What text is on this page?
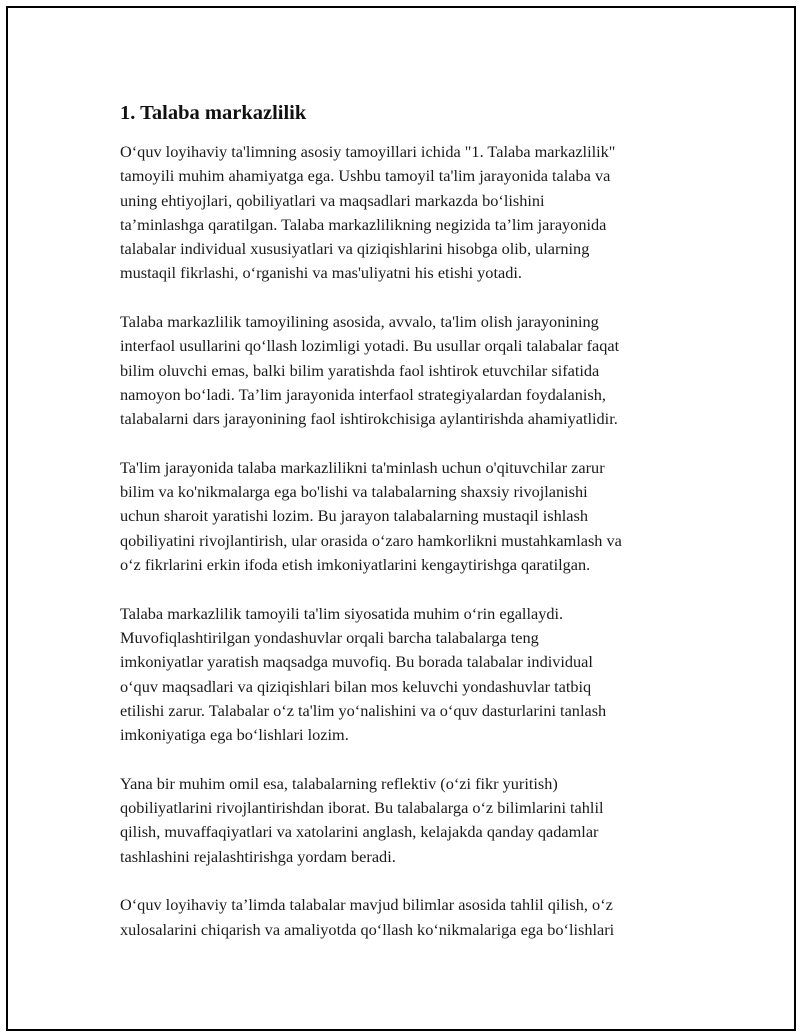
1. Talaba markazlilik

O‘quv loyihaviy ta'limning asosiy tamoyillari ichida "1. Talaba markazlilik"
tamoyili muhim ahamiyatga ega. Ushbu tamoyil ta'lim jarayonida talaba va
uning ehtiyojlari, qobiliyatlari va maqsadlari markazda bo‘lishini
ta’minlashga qaratilgan. Talaba markazlilikning negizida ta’lim jarayonida
talabalar individual xususiyatlari va qiziqishlarini hisobga olib, ularning
mustaqil fikrlashi, o‘rganishi va mas'uliyatni his etishi yotadi.

Talaba markazlilik tamoyilining asosida, avvalo, ta'lim olish jarayonining
interfaol usullarini qo‘llash lozimligi yotadi. Bu usullar orqali talabalar faqat
bilim oluvchi emas, balki bilim yaratishda faol ishtirok etuvchilar sifatida
namoyon bo‘ladi. Ta’lim jarayonida interfaol strategiyalardan foydalanish,
talabalarni dars jarayonining faol ishtirokchisiga aylantirishda ahamiyatlidir.

Ta'lim jarayonida talaba markazlilikni ta'minlash uchun o'qituvchilar zarur
bilim va ko'nikmalarga ega bo'lishi va talabalarning shaxsiy rivojlanishi
uchun sharoit yaratishi lozim. Bu jarayon talabalarning mustaqil ishlash
qobiliyatini rivojlantirish, ular orasida o‘zaro hamkorlikni mustahkamlash va
o‘z fikrlarini erkin ifoda etish imkoniyatlarini kengaytirishga qaratilgan.

Talaba markazlilik tamoyili ta'lim siyosatida muhim o‘rin egallaydi.
Muvofiqlashtirilgan yondashuvlar orqali barcha talabalarga teng
imkoniyatlar yaratish maqsadga muvofiq. Bu borada talabalar individual
o‘quv maqsadlari va qiziqishlari bilan mos keluvchi yondashuvlar tatbiq
etilishi zarur. Talabalar o‘z ta'lim yo‘nalishini va o‘quv dasturlarini tanlash
imkoniyatiga ega bo‘lishlari lozim.

Yana bir muhim omil esa, talabalarning reflektiv (o‘zi fikr yuritish)
qobiliyatlarini rivojlantirishdan iborat. Bu talabalarga o‘z bilimlarini tahlil
qilish, muvaffaqiyatlari va xatolarini anglash, kelajakda qanday qadamlar
tashlashini rejalashtirishga yordam beradi.

O‘quv loyihaviy ta’limda talabalar mavjud bilimlar asosida tahlil qilish, o‘z
xulosalarini chiqarish va amaliyotda qo‘llash ko‘nikmalariga ega bo‘lishlari
